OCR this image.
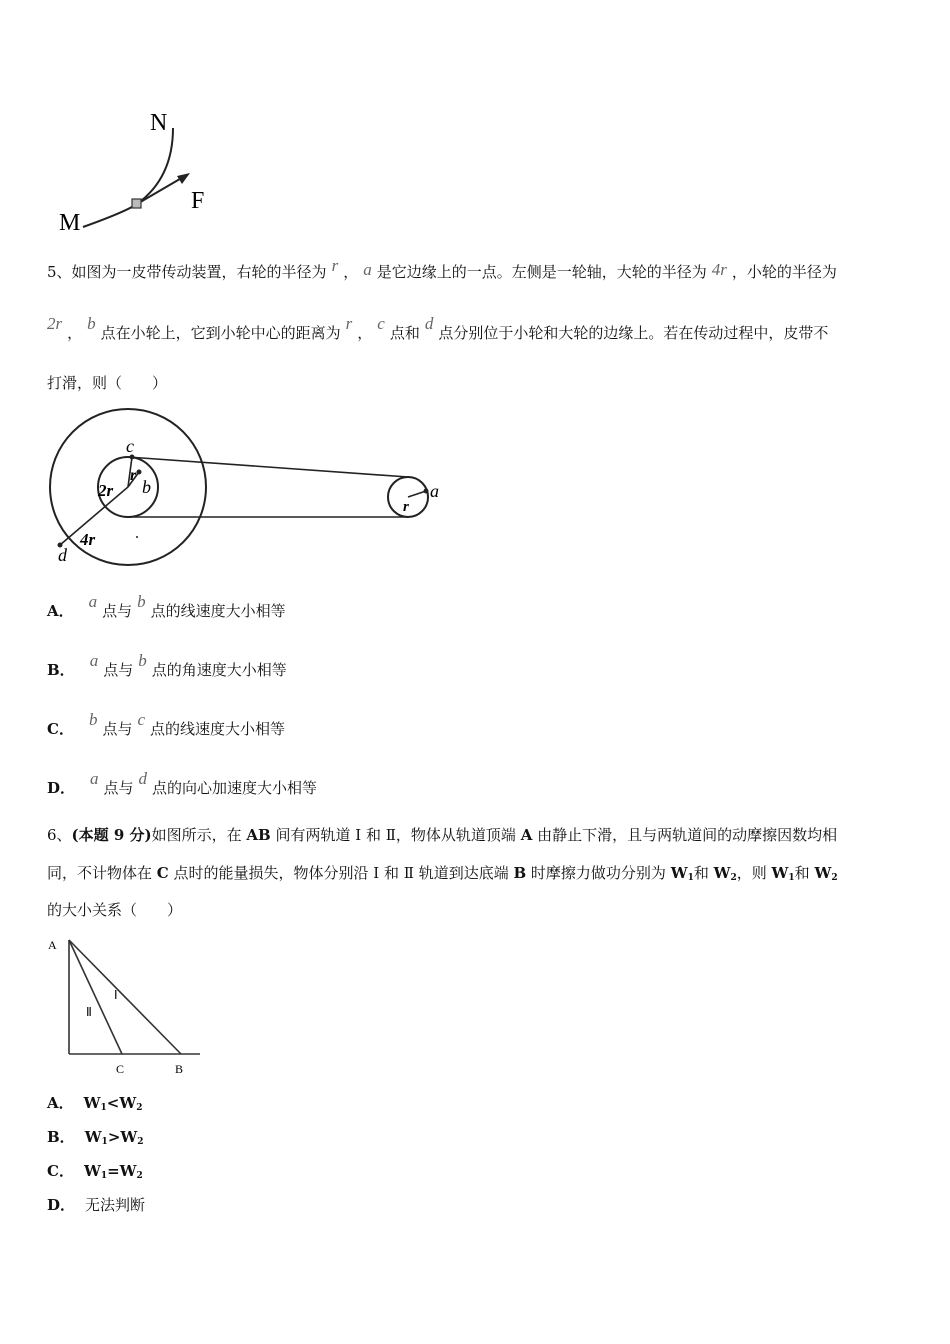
N
M
F
5、如图为一皮带传动装置，右轮的半径为 r ， a 是它边缘上的一点。左侧是一轮轴，大轮的半径为 4r ，小轮的半径为
2r ， b 点在小轮上，它到小轮中心的距离为 r ， c 点和 d 点分别位于小轮和大轮的边缘上。若在传动过程中，皮带不
打滑，则（　　）
c
r
b
2r
4r
d
a
r
A． a 点与 b 点的线速度大小相等
B． a 点与 b 点的角速度大小相等
C． b 点与 c 点的线速度大小相等
D． a 点与 d 点的向心加速度大小相等
6、(本题 9 分)如图所示，在 AB 间有两轨道 Ⅰ 和 Ⅱ，物体从轨道顶端 A 由静止下滑，且与两轨道间的动摩擦因数均相
同，不计物体在 C 点时的能量损失，物体分别沿 Ⅰ 和 Ⅱ 轨道到达底端 B 时摩擦力做功分别为 $W_1$和 $W_2$，则 $W_1$和 $W_2$
的大小关系（　　）
A
Ⅰ
Ⅱ
C	B
A． $W_1<W_2$
B． $W_1>W_2$
C． $W_1=W_2$
D． 无法判断
